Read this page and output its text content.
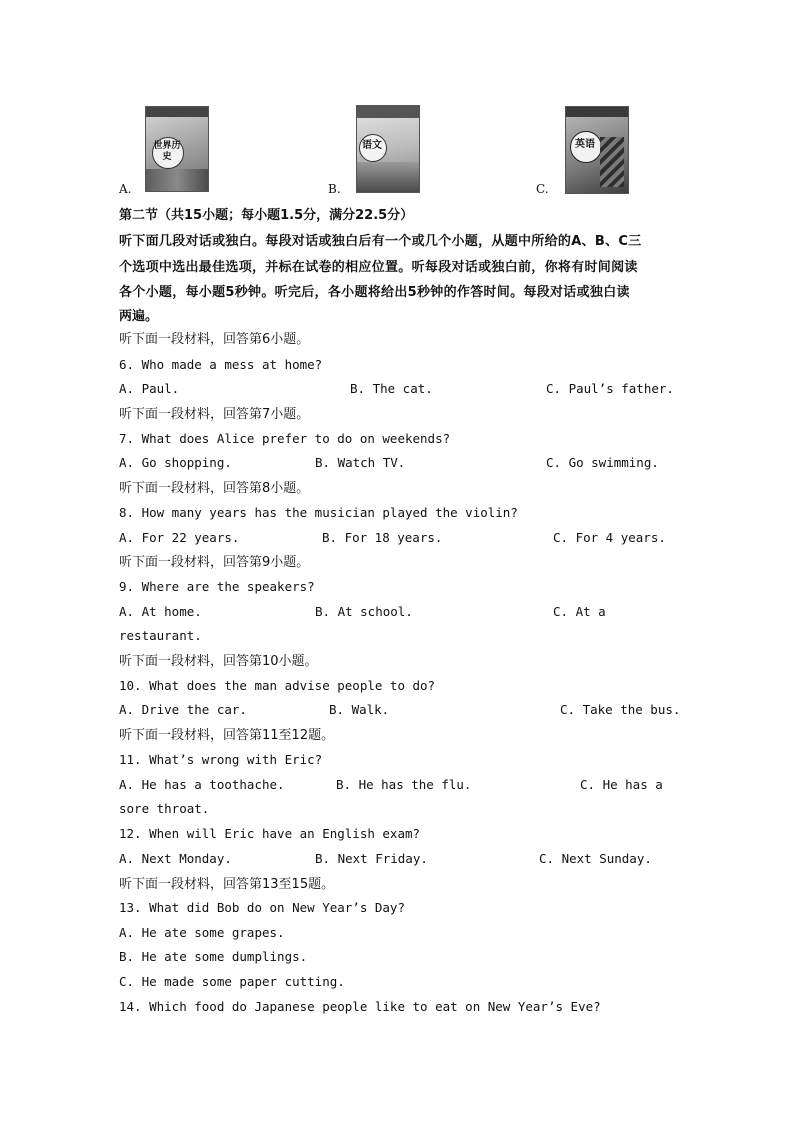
世界历史
A.
语文
B.
英语
C.
第二节（共15小题；每小题1.5分，满分22.5分）
听下面几段对话或独白。每段对话或独白后有一个或几个小题，从题中所给的A、B、C三
个选项中选出最佳选项，并标在试卷的相应位置。听每段对话或独白前，你将有时间阅读
各个小题，每小题5秒钟。听完后，各小题将给出5秒钟的作答时间。每段对话或独白读
两遍。
听下面一段材料，回答第6小题。
6. Who made a mess at home?
A. Paul.	B. The cat.	C. Paul’s father.
听下面一段材料，回答第7小题。
7. What does Alice prefer to do on weekends?
A. Go shopping.	B. Watch TV.	C. Go swimming.
听下面一段材料，回答第8小题。
8. How many years has the musician played the violin?
A. For 22 years.	B. For 18 years.	C. For 4 years.
听下面一段材料，回答第9小题。
9. Where are the speakers?
A. At home.	B. At school.	C. At a
restaurant.
听下面一段材料，回答第10小题。
10. What does the man advise people to do?
A. Drive the car.	B. Walk.	C. Take the bus.
听下面一段材料，回答第11至12题。
11. What’s wrong with Eric?
A. He has a toothache.	B. He has the flu.	C. He has a
sore throat.
12. When will Eric have an English exam?
A. Next Monday.	B. Next Friday.	C. Next Sunday.
听下面一段材料，回答第13至15题。
13. What did Bob do on New Year’s Day?
A. He ate some grapes.
B. He ate some dumplings.
C. He made some paper cutting.
14. Which food do Japanese people like to eat on New Year’s Eve?
